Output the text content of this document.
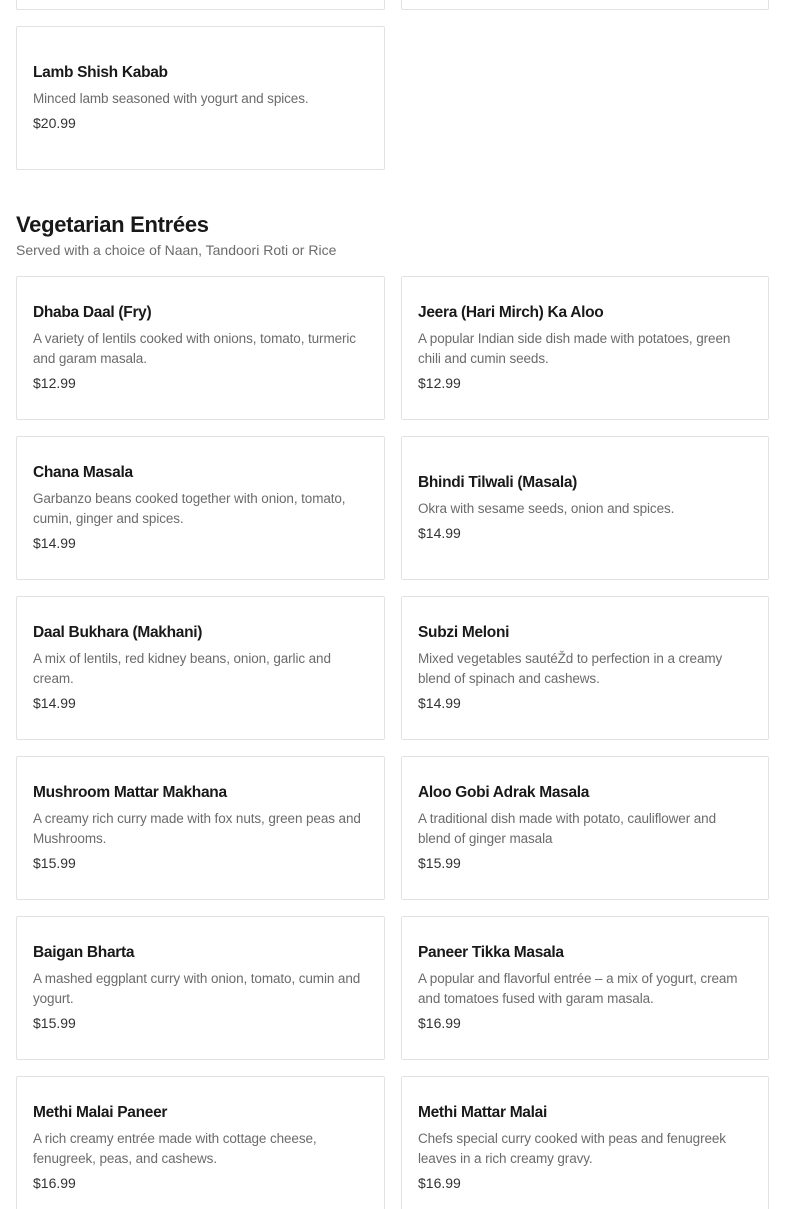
Lamb Shish Kabab
Minced lamb seasoned with yogurt and spices.
$20.99
Vegetarian Entrées
Served with a choice of Naan, Tandoori Roti or Rice
Dhaba Daal (Fry)
A variety of lentils cooked with onions, tomato, turmeric and garam masala.
$12.99
Jeera (Hari Mirch) Ka Aloo
A popular Indian side dish made with potatoes, green chili and cumin seeds.
$12.99
Chana Masala
Garbanzo beans cooked together with onion, tomato, cumin, ginger and spices.
$14.99
Bhindi Tilwali (Masala)
Okra with sesame seeds, onion and spices.
$14.99
Daal Bukhara (Makhani)
A mix of lentils, red kidney beans, onion, garlic and cream.
$14.99
Subzi Meloni
Mixed vegetables sautéŽd to perfection in a creamy blend of spinach and cashews.
$14.99
Mushroom Mattar Makhana
A creamy rich curry made with fox nuts, green peas and Mushrooms.
$15.99
Aloo Gobi Adrak Masala
A traditional dish made with potato, cauliflower and blend of ginger masala
$15.99
Baigan Bharta
A mashed eggplant curry with onion, tomato, cumin and yogurt.
$15.99
Paneer Tikka Masala
A popular and flavorful entrée – a mix of yogurt, cream and tomatoes fused with garam masala.
$16.99
Methi Malai Paneer
A rich creamy entrée made with cottage cheese, fenugreek, peas, and cashews.
$16.99
Methi Mattar Malai
Chefs special curry cooked with peas and fenugreek leaves in a rich creamy gravy.
$16.99
